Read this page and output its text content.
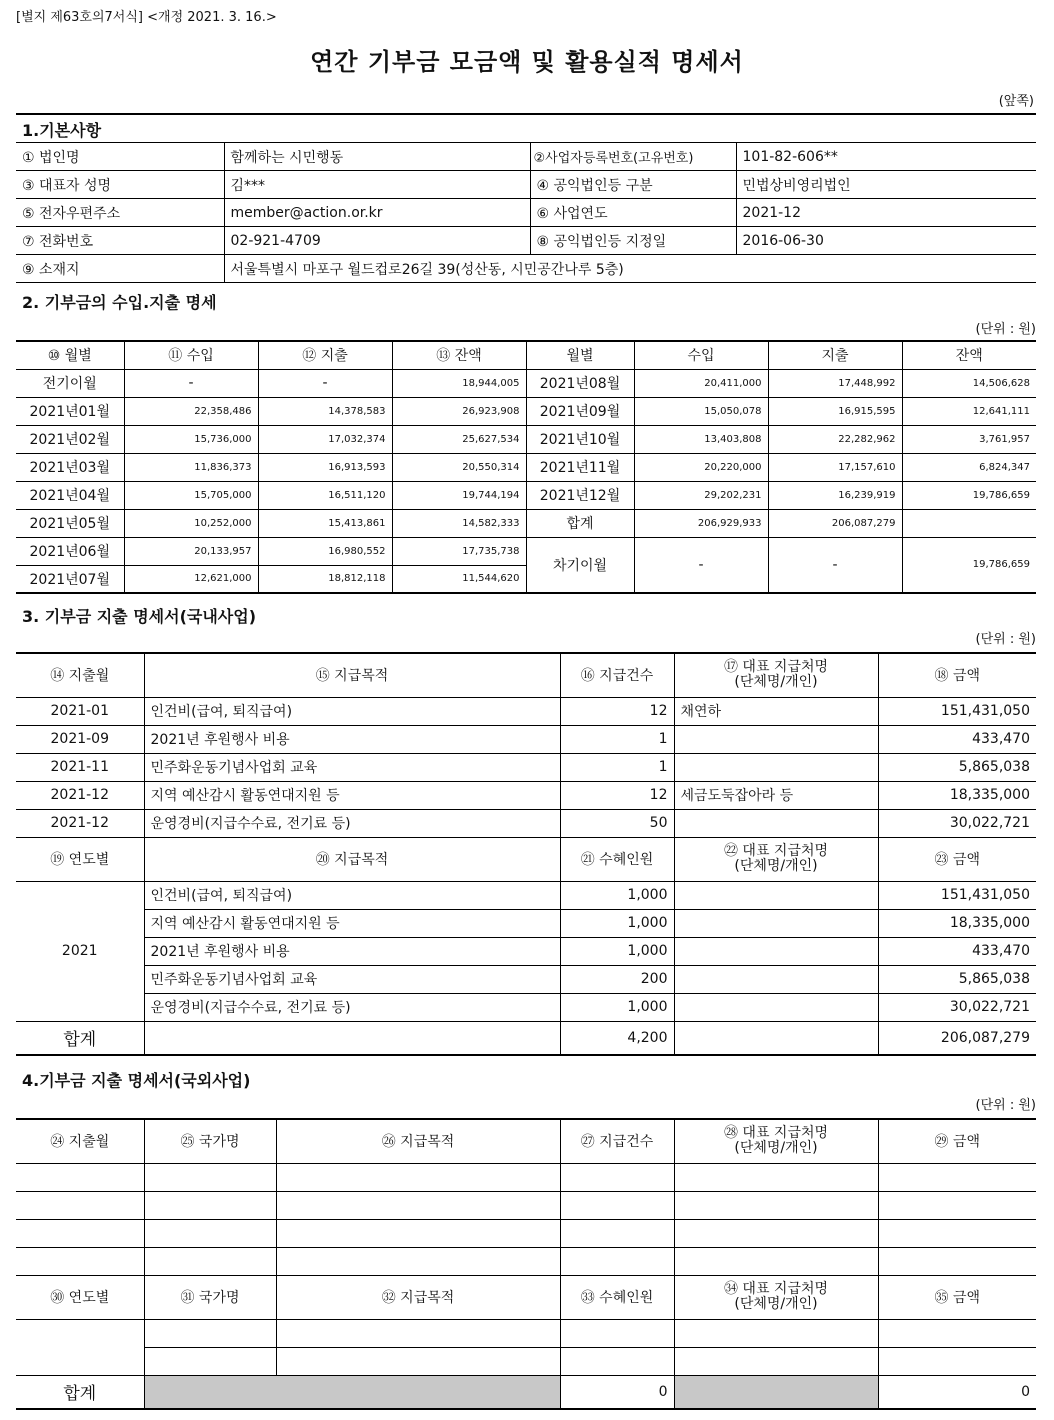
[별지 제63호의7서식] <개정 2021. 3. 16.>
연간 기부금 모금액 및 활용실적 명세서
(앞쪽)
1.기본사항
① 법인명	함께하는 시민행동	②사업자등록번호(고유번호)	101-82-606**
③ 대표자 성명	김***	④ 공익법인등 구분	민법상비영리법인
⑤ 전자우편주소	member@action.or.kr	⑥ 사업연도	2021-12
⑦ 전화번호	02-921-4709	⑧ 공익법인등 지정일	2016-06-30
⑨ 소재지	서울특별시 마포구 월드컵로26길 39(성산동, 시민공간나루 5층)		
2. 기부금의 수입.지출 명세
(단위 : 원)
⑩ 월별	⑪ 수입	⑫ 지출	⑬ 잔액	월별	수입	지출	잔액
전기이월	-	-	18,944,005	2021년08월	20,411,000	17,448,992	14,506,628
2021년01월	22,358,486	14,378,583	26,923,908	2021년09월	15,050,078	16,915,595	12,641,111
2021년02월	15,736,000	17,032,374	25,627,534	2021년10월	13,403,808	22,282,962	3,761,957
2021년03월	11,836,373	16,913,593	20,550,314	2021년11월	20,220,000	17,157,610	6,824,347
2021년04월	15,705,000	16,511,120	19,744,194	2021년12월	29,202,231	16,239,919	19,786,659
2021년05월	10,252,000	15,413,861	14,582,333	합계	206,929,933	206,087,279	
2021년06월	20,133,957	16,980,552	17,735,738	차기이월	-	-	19,786,659
2021년07월	12,621,000	18,812,118	11,544,620				
3. 기부금 지출 명세서(국내사업)
(단위 : 원)
⑭ 지출월	⑮ 지급목적	⑯ 지급건수	⑰ 대표 지급처명
(단체명/개인)	⑱ 금액
2021-01	인건비(급여, 퇴직급여)	12	채연하	151,431,050
2021-09	2021년 후원행사 비용	1		433,470
2021-11	민주화운동기념사업회 교육	1		5,865,038
2021-12	지역 예산감시 활동연대지원 등	12	세금도둑잡아라 등	18,335,000
2021-12	운영경비(지급수수료, 전기료 등)	50		30,022,721
⑲ 연도별	⑳ 지급목적	㉑ 수혜인원	㉒ 대표 지급처명
(단체명/개인)	㉓ 금액
2021	인건비(급여, 퇴직급여)	1,000		151,431,050
	지역 예산감시 활동연대지원 등	1,000		18,335,000
	2021년 후원행사 비용	1,000		433,470
	민주화운동기념사업회 교육	200		5,865,038
	운영경비(지급수수료, 전기료 등)	1,000		30,022,721
합계		4,200		206,087,279
4.기부금 지출 명세서(국외사업)
(단위 : 원)
㉔ 지출월	㉕ 국가명	㉖ 지급목적	㉗ 지급건수	㉘ 대표 지급처명
(단체명/개인)	㉙ 금액

㉚ 연도별	㉛ 국가명	㉜ 지급목적	㉝ 수혜인원	㉞ 대표 지급처명
(단체명/개인)	㉟ 금액

합계			0		0
